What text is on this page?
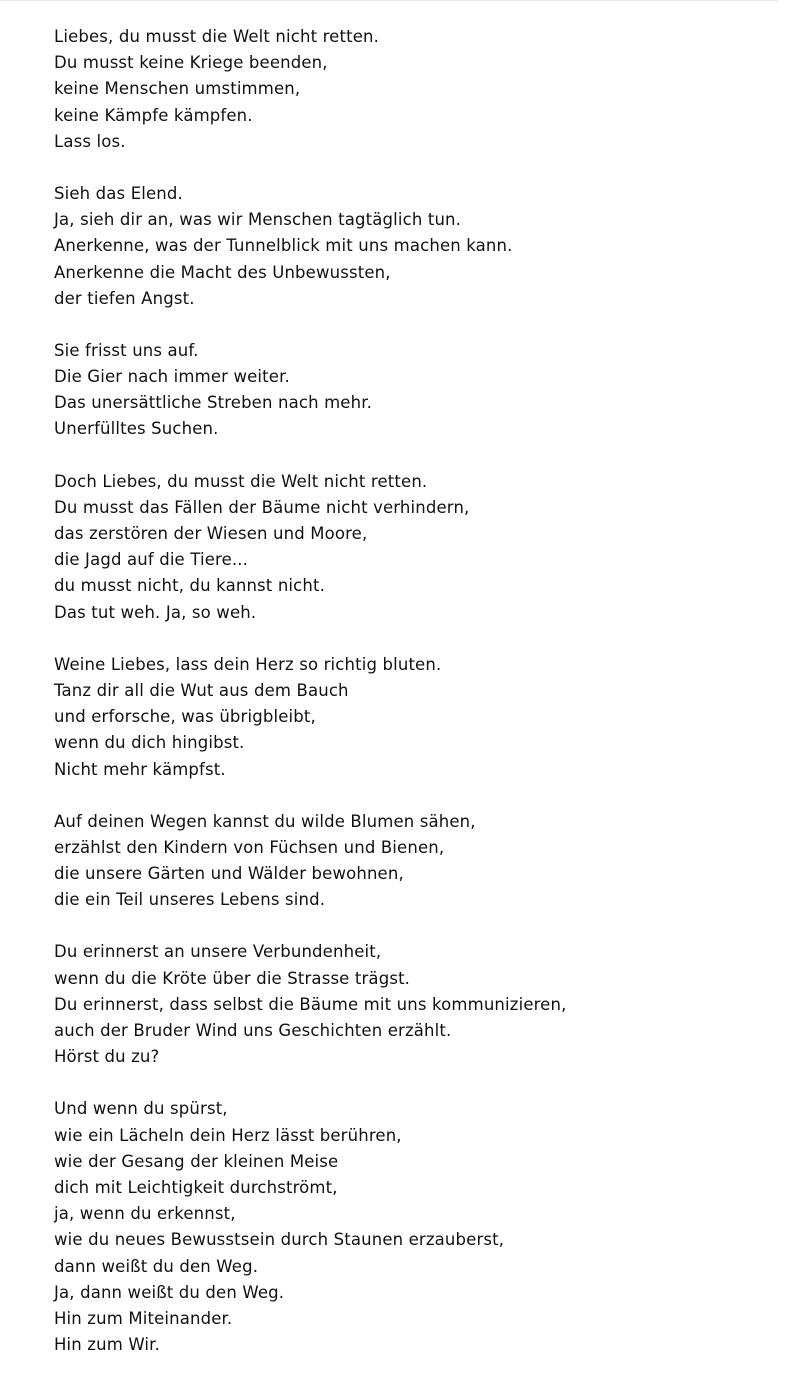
Liebes, du musst die Welt nicht retten.
Du musst keine Kriege beenden,
keine Menschen umstimmen,
keine Kämpfe kämpfen.
Lass los.
Sieh das Elend.
Ja, sieh dir an, was wir Menschen tagtäglich tun.
Anerkenne, was der Tunnelblick mit uns machen kann.
Anerkenne die Macht des Unbewussten,
der tiefen Angst.
Sie frisst uns auf.
Die Gier nach immer weiter.
Das unersättliche Streben nach mehr.
Unerfülltes Suchen.
Doch Liebes, du musst die Welt nicht retten.
Du musst das Fällen der Bäume nicht verhindern,
das zerstören der Wiesen und Moore,
die Jagd auf die Tiere...
du musst nicht, du kannst nicht.
Das tut weh. Ja, so weh.
Weine Liebes, lass dein Herz so richtig bluten.
Tanz dir all die Wut aus dem Bauch
und erforsche, was übrigbleibt,
wenn du dich hingibst.
Nicht mehr kämpfst.
Auf deinen Wegen kannst du wilde Blumen sähen,
erzählst den Kindern von Füchsen und Bienen,
die unsere Gärten und Wälder bewohnen,
die ein Teil unseres Lebens sind.
Du erinnerst an unsere Verbundenheit,
wenn du die Kröte über die Strasse trägst.
Du erinnerst, dass selbst die Bäume mit uns kommunizieren,
auch der Bruder Wind uns Geschichten erzählt.
Hörst du zu?
Und wenn du spürst,
wie ein Lächeln dein Herz lässt berühren,
wie der Gesang der kleinen Meise
dich mit Leichtigkeit durchströmt,
ja, wenn du erkennst,
wie du neues Bewusstsein durch Staunen erzauberst,
dann weißt du den Weg.
Ja, dann weißt du den Weg.
Hin zum Miteinander.
Hin zum Wir.
